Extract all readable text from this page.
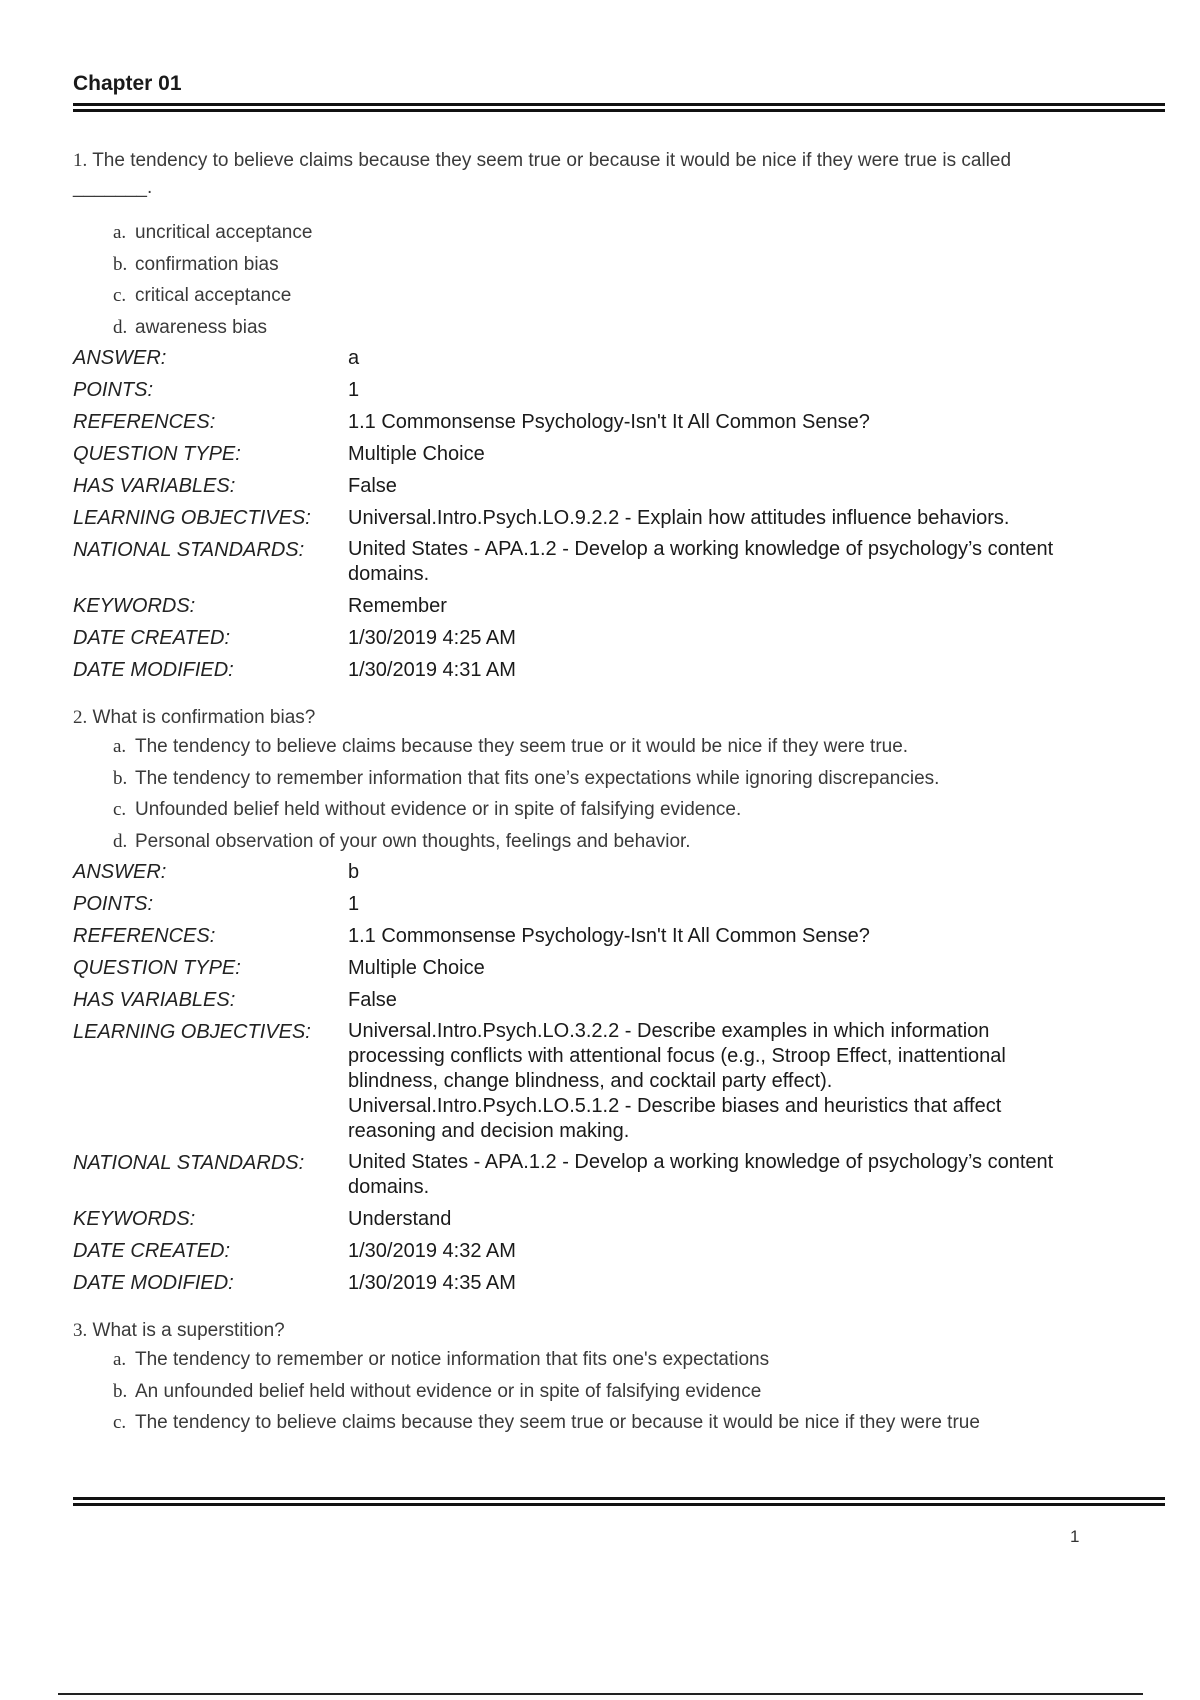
Chapter 01
1. The tendency to believe claims because they seem true or because it would be nice if they were true is called
_______.
a. uncritical acceptance
b. confirmation bias
c. critical acceptance
d. awareness bias
ANSWER:	a
POINTS:	1
REFERENCES:	1.1 Commonsense Psychology-Isn't It All Common Sense?
QUESTION TYPE:	Multiple Choice
HAS VARIABLES:	False
LEARNING OBJECTIVES:	Universal.Intro.Psych.LO.9.2.2 - Explain how attitudes influence behaviors.
NATIONAL STANDARDS:	United States - APA.1.2 - Develop a working knowledge of psychology’s content
domains.
KEYWORDS:	Remember
DATE CREATED:	1/30/2019 4:25 AM
DATE MODIFIED:	1/30/2019 4:31 AM
2. What is confirmation bias?
a. The tendency to believe claims because they seem true or it would be nice if they were true.
b. The tendency to remember information that fits one’s expectations while ignoring discrepancies.
c. Unfounded belief held without evidence or in spite of falsifying evidence.
d. Personal observation of your own thoughts, feelings and behavior.
ANSWER:	b
POINTS:	1
REFERENCES:	1.1 Commonsense Psychology-Isn't It All Common Sense?
QUESTION TYPE:	Multiple Choice
HAS VARIABLES:	False
LEARNING OBJECTIVES:	Universal.Intro.Psych.LO.3.2.2 - Describe examples in which information
processing conflicts with attentional focus (e.g., Stroop Effect, inattentional
blindness, change blindness, and cocktail party effect).
Universal.Intro.Psych.LO.5.1.2 - Describe biases and heuristics that affect
reasoning and decision making.
NATIONAL STANDARDS:	United States - APA.1.2 - Develop a working knowledge of psychology’s content
domains.
KEYWORDS:	Understand
DATE CREATED:	1/30/2019 4:32 AM
DATE MODIFIED:	1/30/2019 4:35 AM
3. What is a superstition?
a. The tendency to remember or notice information that fits one's expectations
b. An unfounded belief held without evidence or in spite of falsifying evidence
c. The tendency to believe claims because they seem true or because it would be nice if they were true
1
